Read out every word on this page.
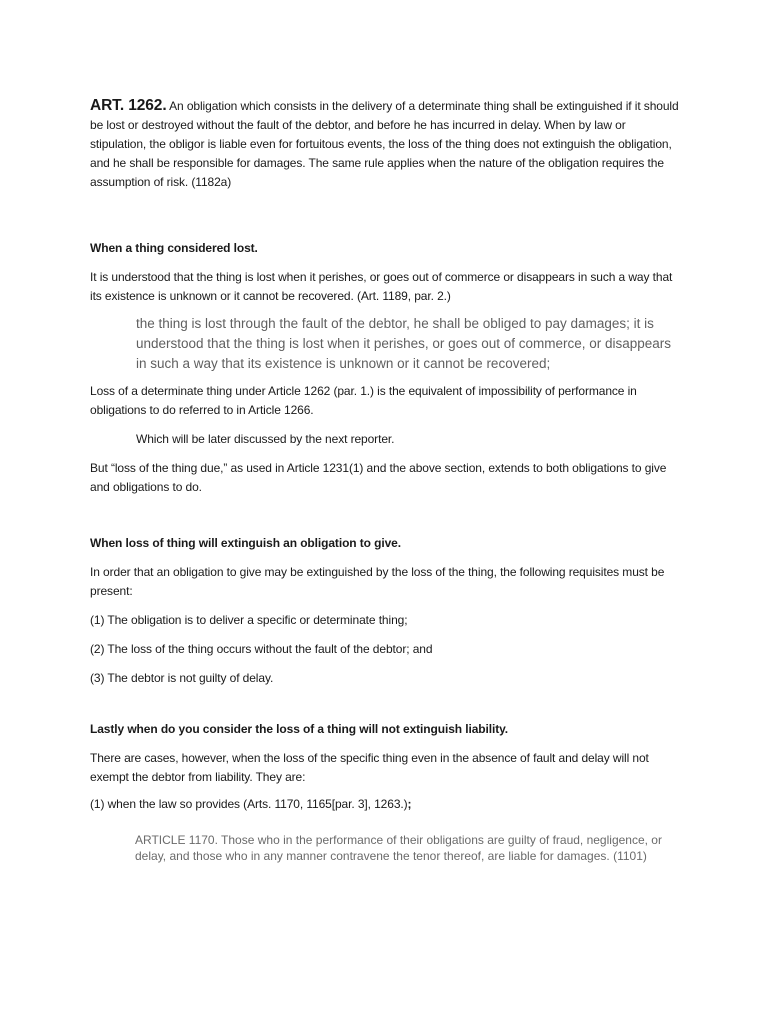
ART. 1262. An obligation which consists in the delivery of a determinate thing shall be extinguished if it should be lost or destroyed without the fault of the debtor, and before he has incurred in delay. When by law or stipulation, the obligor is liable even for fortuitous events, the loss of the thing does not extinguish the obligation, and he shall be responsible for damages. The same rule applies when the nature of the obligation requires the assumption of risk. (1182a)

When a thing considered lost.

It is understood that the thing is lost when it perishes, or goes out of commerce or disappears in such a way that its existence is unknown or it cannot be recovered. (Art. 1189, par. 2.)

the thing is lost through the fault of the debtor, he shall be obliged to pay damages; it is understood that the thing is lost when it perishes, or goes out of commerce, or disappears in such a way that its existence is unknown or it cannot be recovered;

Loss of a determinate thing under Article 1262 (par. 1.) is the equivalent of impossibility of performance in obligations to do referred to in Article 1266.

Which will be later discussed by the next reporter.

But “loss of the thing due,” as used in Article 1231(1) and the above section, extends to both obligations to give and obligations to do.

When loss of thing will extinguish an obligation to give.

In order that an obligation to give may be extinguished by the loss of the thing, the following requisites must be present:

(1) The obligation is to deliver a specific or determinate thing;

(2) The loss of the thing occurs without the fault of the debtor; and

(3) The debtor is not guilty of delay.

Lastly when do you consider the loss of a thing will not extinguish liability.

There are cases, however, when the loss of the specific thing even in the absence of fault and delay will not exempt the debtor from liability. They are:

(1) when the law so provides (Arts. 1170, 1165[par. 3], 1263.);

ARTICLE 1170. Those who in the performance of their obligations are guilty of fraud, negligence, or delay, and those who in any manner contravene the tenor thereof, are liable for damages. (1101)
